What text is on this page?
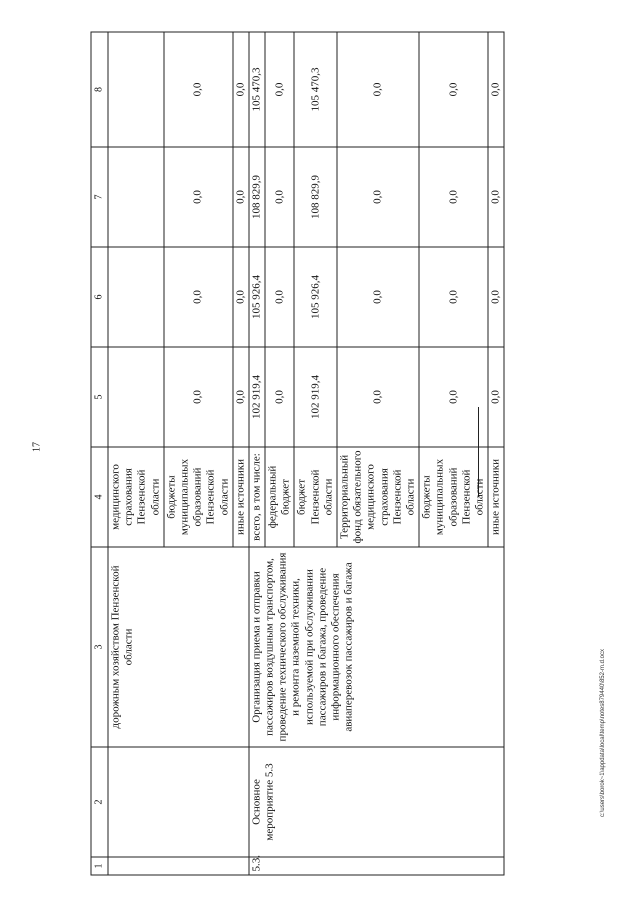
17
c:\users\borok~1\appdata\local\temp\notes879440\852-m.d.ocx
1	2	3	4	5	6	7	8
		дорожным хозяйством Пензенской области	медицинского страхования Пензенской области				
			бюджеты муниципальных образований Пензенской области	0,0	0,0	0,0	0,0
			иные источники	0,0	0,0	0,0	0,0
5.3.	Основное мероприятие 5.3	Организация приема и отправки пассажиров воздушным транспортом, проведение технического обслуживания и ремонта наземной техники, используемой при обслуживании пассажиров и багажа, проведение информационного обеспечения авиаперевозок пассажиров и багажа	всего, в том числе:	102 919,4	105 926,4	108 829,9	105 470,3
			федеральный бюджет	0,0	0,0	0,0	0,0
			бюджет Пензенской области	102 919,4	105 926,4	108 829,9	105 470,3
			Территориальный фонд обязательного медицинского страхования Пензенской области	0,0	0,0	0,0	0,0
			бюджеты муниципальных образований Пензенской области	0,0	0,0	0,0	0,0
			иные источники	0,0	0,0	0,0	0,0
